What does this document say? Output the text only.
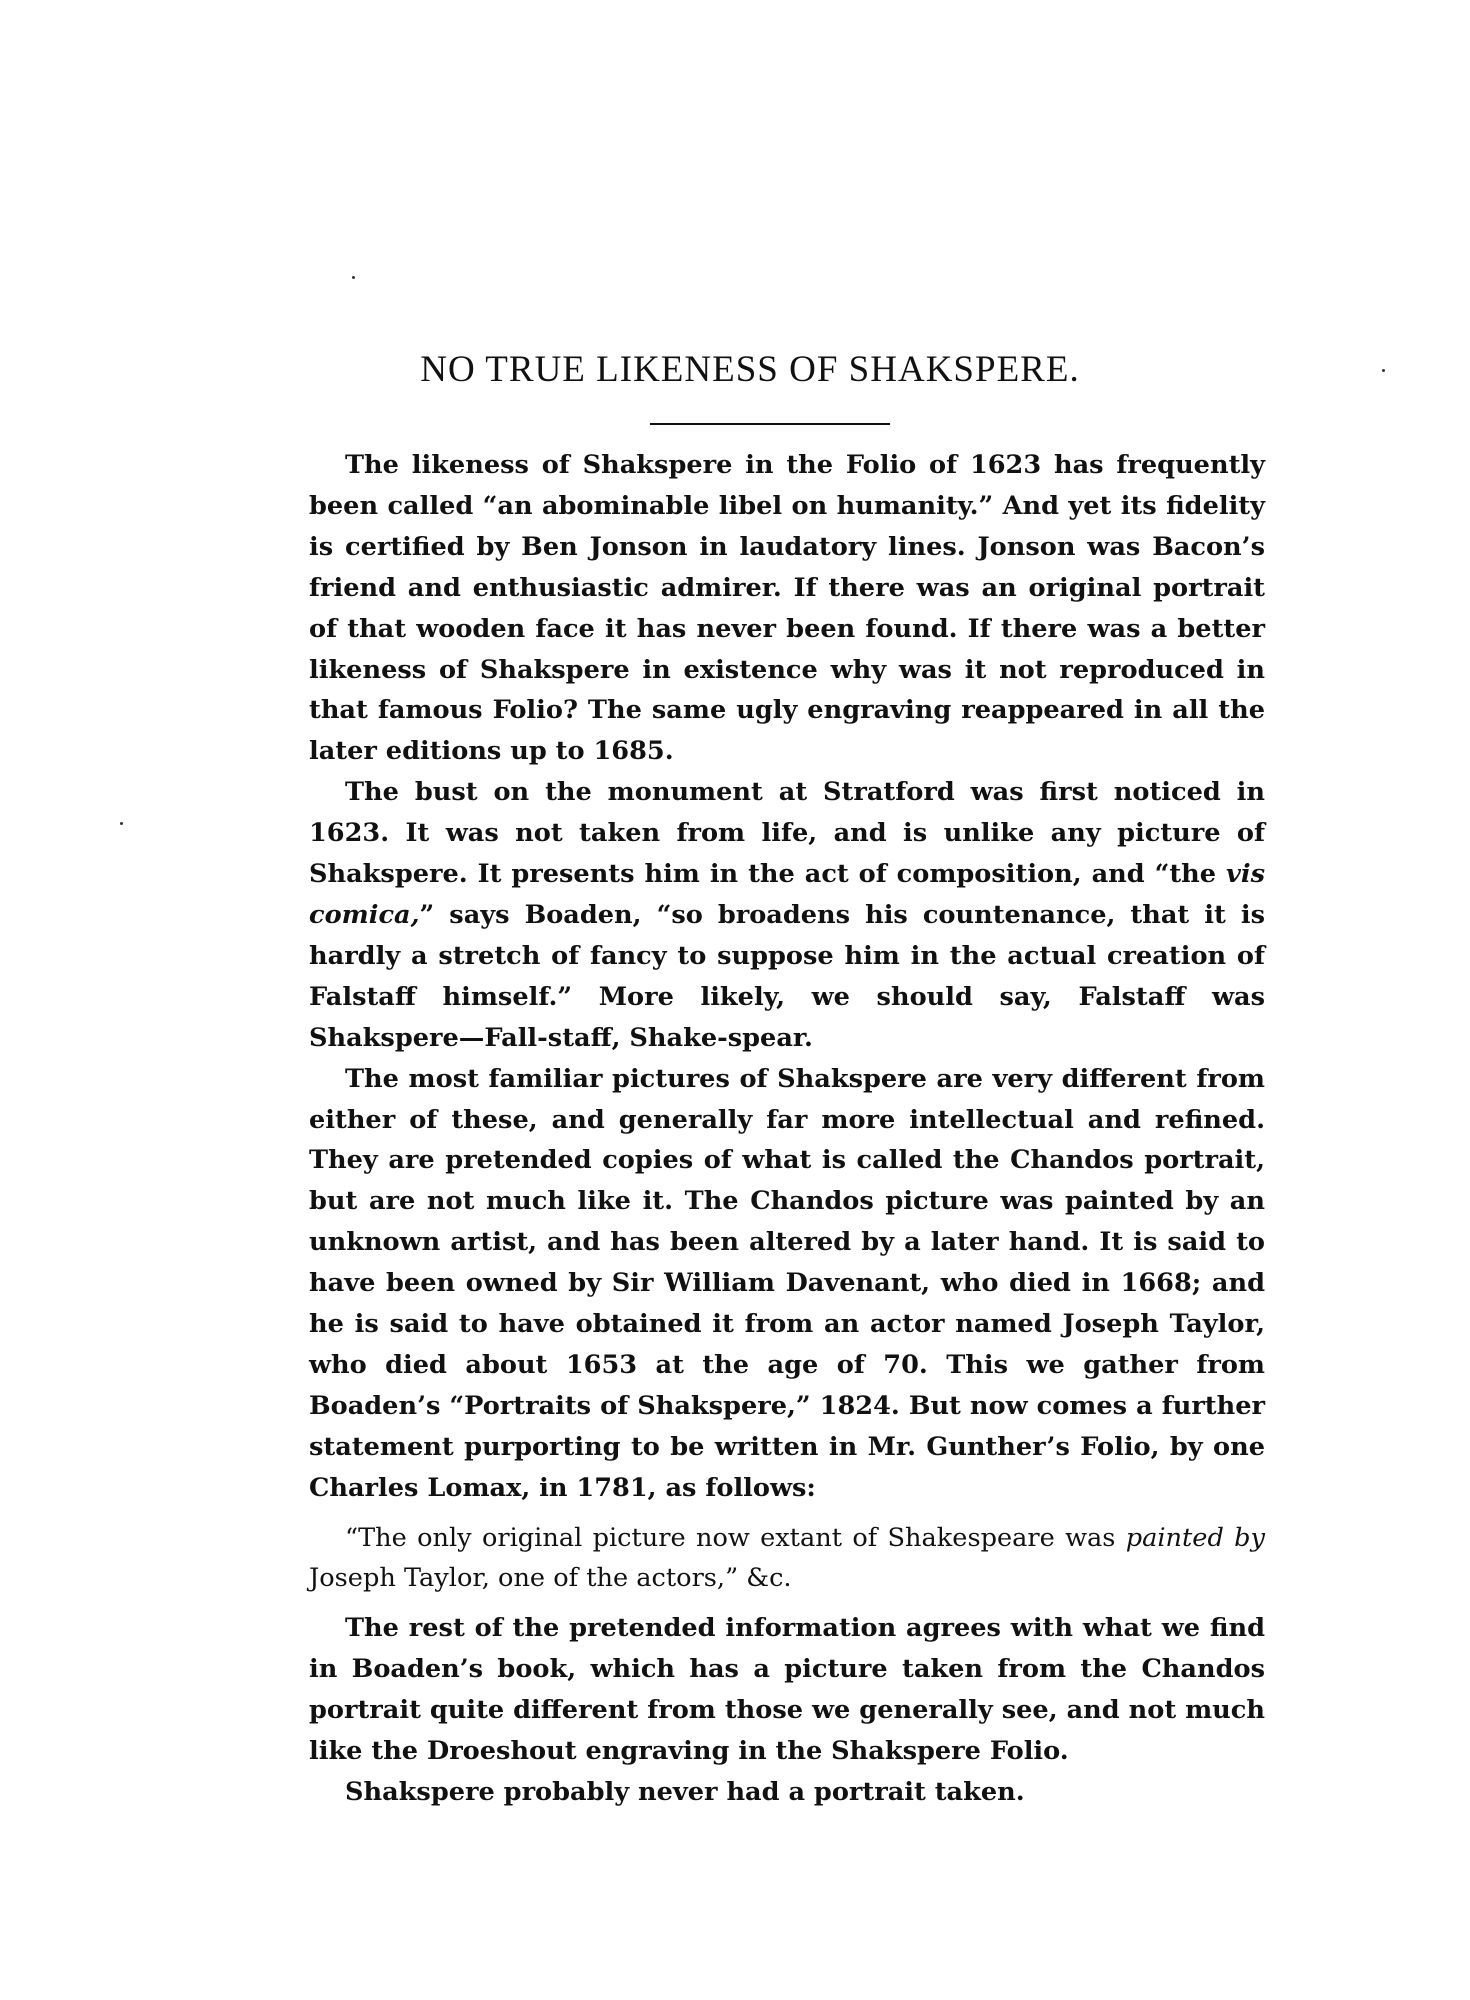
NO TRUE LIKENESS OF SHAKSPERE.

The likeness of Shakspere in the Folio of 1623 has frequently been called “an abominable libel on humanity.” And yet its fidelity is certified by Ben Jonson in laudatory lines. Jonson was Bacon’s friend and enthusiastic admirer. If there was an original portrait of that wooden face it has never been found. If there was a better likeness of Shakspere in existence why was it not reproduced in that famous Folio? The same ugly engraving reappeared in all the later editions up to 1685.

The bust on the monument at Stratford was first noticed in 1623. It was not taken from life, and is unlike any picture of Shakspere. It presents him in the act of composition, and “the vis comica,” says Boaden, “so broadens his countenance, that it is hardly a stretch of fancy to suppose him in the actual creation of Falstaff himself.” More likely, we should say, Falstaff was Shakspere—Fall-staff, Shake-spear.

The most familiar pictures of Shakspere are very different from either of these, and generally far more intellectual and refined. They are pretended copies of what is called the Chandos portrait, but are not much like it. The Chandos picture was painted by an unknown artist, and has been altered by a later hand. It is said to have been owned by Sir William Davenant, who died in 1668; and he is said to have obtained it from an actor named Joseph Taylor, who died about 1653 at the age of 70. This we gather from Boaden’s “Portraits of Shakspere,” 1824. But now comes a further statement purporting to be written in Mr. Gunther’s Folio, by one Charles Lomax, in 1781, as follows:

“The only original picture now extant of Shakespeare was painted by Joseph Taylor, one of the actors,” &c.

The rest of the pretended information agrees with what we find in Boaden’s book, which has a picture taken from the Chandos portrait quite different from those we generally see, and not much like the Droeshout engraving in the Shakspere Folio.

Shakspere probably never had a portrait taken.
